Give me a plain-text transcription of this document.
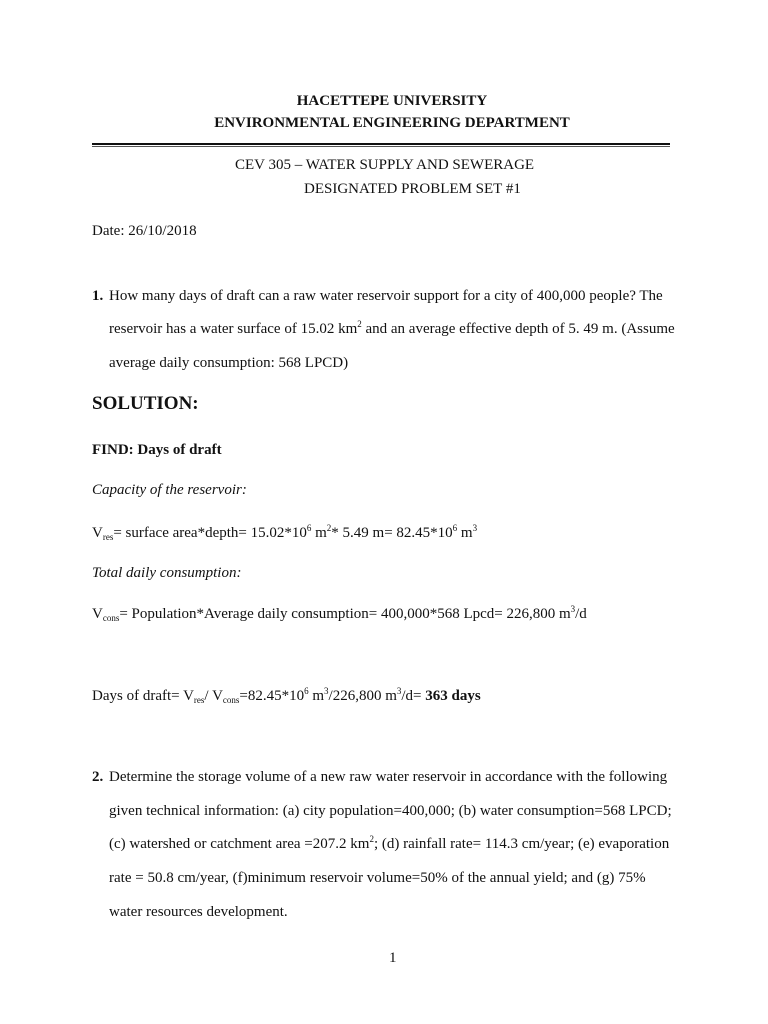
HACETTEPE UNIVERSITY
ENVIRONMENTAL ENGINEERING DEPARTMENT
CEV 305 – WATER SUPPLY AND SEWERAGE
DESIGNATED PROBLEM SET #1
Date: 26/10/2018
1. How many days of draft can a raw water reservoir support for a city of 400,000 people? The
reservoir has a water surface of 15.02 $km^2$ and an average effective depth of 5. 49 m. (Assume
average daily consumption: 568 LPCD)
SOLUTION:
FIND: Days of draft
Capacity of the reservoir:
$V_{res}=$ surface area*depth= $15.02*10^6$ $m^2*$ 5.49 $m= 82.45*10^6$ $m^3$
Total daily consumption:
$V_{cons}=$ Population*Average daily consumption= 400,000*568 Lpcd= 226,800 $m^3/d$
Days of draft= $V_{res}/$ $V_{cons}=82.45*10^6$ $m^3/226,800$ $m^3/d= 363$ days
2. Determine the storage volume of a new raw water reservoir in accordance with the following
given technical information: (a) city population=400,000; (b) water consumption=568 LPCD;
(c) watershed or catchment area =207.2 $km^2$; (d) rainfall rate= 114.3 cm/year; (e) evaporation
rate = 50.8 cm/year, (f)minimum reservoir volume=50% of the annual yield; and (g) 75%
water resources development.
1
